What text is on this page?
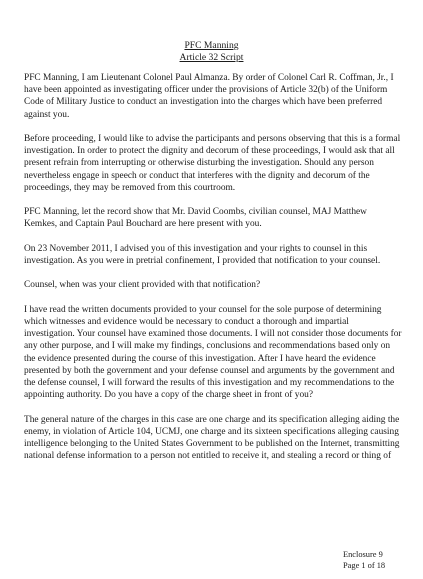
PFC Manning
Article 32 Script

PFC Manning, I am Lieutenant Colonel Paul Almanza. By order of Colonel Carl R. Coffman, Jr., I have been appointed as investigating officer under the provisions of Article 32(b) of the Uniform Code of Military Justice to conduct an investigation into the charges which have been preferred against you.

Before proceeding, I would like to advise the participants and persons observing that this is a formal investigation. In order to protect the dignity and decorum of these proceedings, I would ask that all present refrain from interrupting or otherwise disturbing the investigation. Should any person nevertheless engage in speech or conduct that interferes with the dignity and decorum of the proceedings, they may be removed from this courtroom.

PFC Manning, let the record show that Mr. David Coombs, civilian counsel, MAJ Matthew Kemkes, and Captain Paul Bouchard are here present with you.

On 23 November 2011, I advised you of this investigation and your rights to counsel in this investigation. As you were in pretrial confinement, I provided that notification to your counsel.

Counsel, when was your client provided with that notification?

I have read the written documents provided to your counsel for the sole purpose of determining which witnesses and evidence would be necessary to conduct a thorough and impartial investigation. Your counsel have examined those documents. I will not consider those documents for any other purpose, and I will make my findings, conclusions and recommendations based only on the evidence presented during the course of this investigation. After I have heard the evidence presented by both the government and your defense counsel and arguments by the government and the defense counsel, I will forward the results of this investigation and my recommendations to the appointing authority. Do you have a copy of the charge sheet in front of you?

The general nature of the charges in this case are one charge and its specification alleging aiding the enemy, in violation of Article 104, UCMJ, one charge and its sixteen specifications alleging causing intelligence belonging to the United States Government to be published on the Internet, transmitting national defense information to a person not entitled to receive it, and stealing a record or thing of

Enclosure 9
Page 1 of 18
